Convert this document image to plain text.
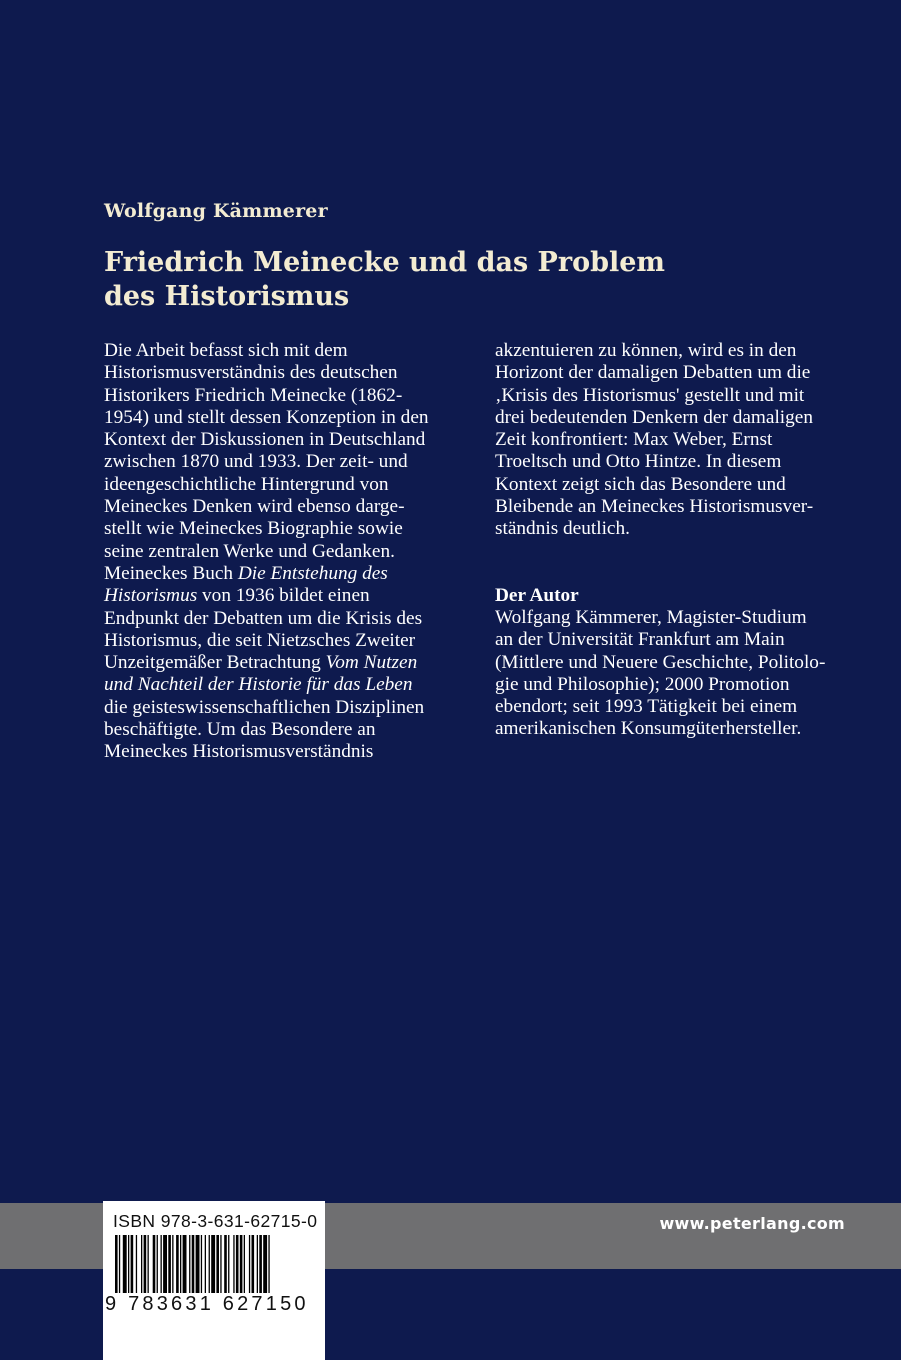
Wolfgang Kämmerer
Friedrich Meinecke und das Problem
des Historismus
Die Arbeit befasst sich mit dem
Historismusverständnis des deutschen
Historikers Friedrich Meinecke (1862-
1954) und stellt dessen Konzeption in den
Kontext der Diskussionen in Deutschland
zwischen 1870 und 1933. Der zeit- und
ideengeschichtliche Hintergrund von
Meineckes Denken wird ebenso darge-
stellt wie Meineckes Biographie sowie
seine zentralen Werke und Gedanken.
Meineckes Buch Die Entstehung des
Historismus von 1936 bildet einen
Endpunkt der Debatten um die Krisis des
Historismus, die seit Nietzsches Zweiter
Unzeitgemäßer Betrachtung Vom Nutzen
und Nachteil der Historie für das Leben
die geisteswissenschaftlichen Disziplinen
beschäftigte. Um das Besondere an
Meineckes Historismusverständnis
akzentuieren zu können, wird es in den
Horizont der damaligen Debatten um die
‚Krisis des Historismus' gestellt und mit
drei bedeutenden Denkern der damaligen
Zeit konfrontiert: Max Weber, Ernst
Troeltsch und Otto Hintze. In diesem
Kontext zeigt sich das Besondere und
Bleibende an Meineckes Historismusver-
ständnis deutlich.
Der Autor
Wolfgang Kämmerer, Magister-Studium
an der Universität Frankfurt am Main
(Mittlere und Neuere Geschichte, Politolo-
gie und Philosophie); 2000 Promotion
ebendort; seit 1993 Tätigkeit bei einem
amerikanischen Konsumgüterhersteller.
www.peterlang.com
ISBN 978-3-631-62715-0
9 783631 627150
